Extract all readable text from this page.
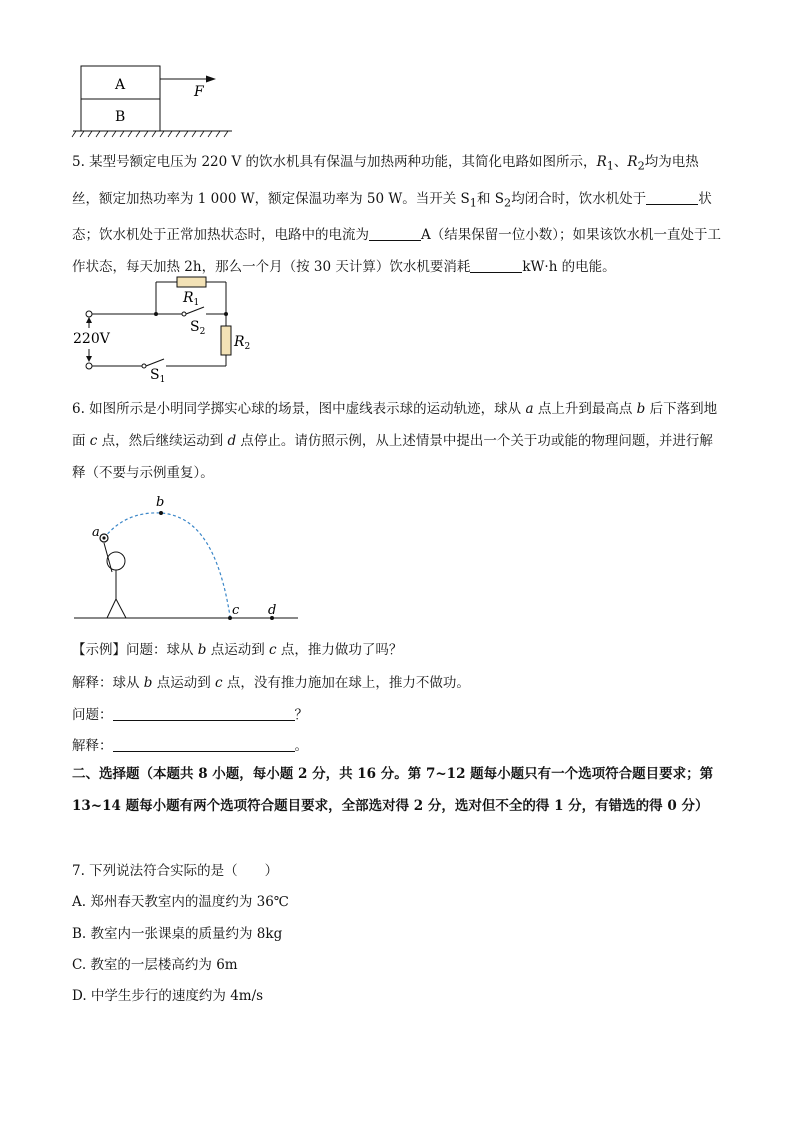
A
B
F
5. 某型号额定电压为 220 V 的饮水机具有保温与加热两种功能，其简化电路如图所示，$R_1$、$R_2$均为电热丝，额定加热功率为 1 000 W，额定保温功率为 50 W。当开关 $S_1$和 $S_2$均闭合时，饮水机处于	状态；饮水机处于正常加热状态时，电路中的电流为	A（结果保留一位小数）；如果该饮水机一直处于工作状态，每天加热 2h，那么一个月（按 30 天计算）饮水机要消耗	kW·h 的电能。
$R_1$
$S_2$
$R_2$
$S_1$
220V
6. 如图所示是小明同学掷实心球的场景，图中虚线表示球的运动轨迹，球从 a 点上升到最高点 b 后下落到地面 c 点，然后继续运动到 d 点停止。请仿照示例，从上述情景中提出一个关于功或能的物理问题，并进行解释（不要与示例重复）。
a
b
c d
【示例】问题：球从 b 点运动到 c 点，推力做功了吗？
解释：球从 b 点运动到 c 点，没有推力施加在球上，推力不做功。
问题：	？
解释：	。
二、选择题（本题共 8 小题，每小题 2 分，共 16 分。第 7~12 题每小题只有一个选项符合题目要求；第 13~14 题每小题有两个选项符合题目要求，全部选对得 2 分，选对但不全的得 1 分，有错选的得 0 分）
7. 下列说法符合实际的是（　　）
A. 郑州春天教室内的温度约为 36℃
B. 教室内一张课桌的质量约为 8kg
C. 教室的一层楼高约为 6m
D. 中学生步行的速度约为 4m/s
